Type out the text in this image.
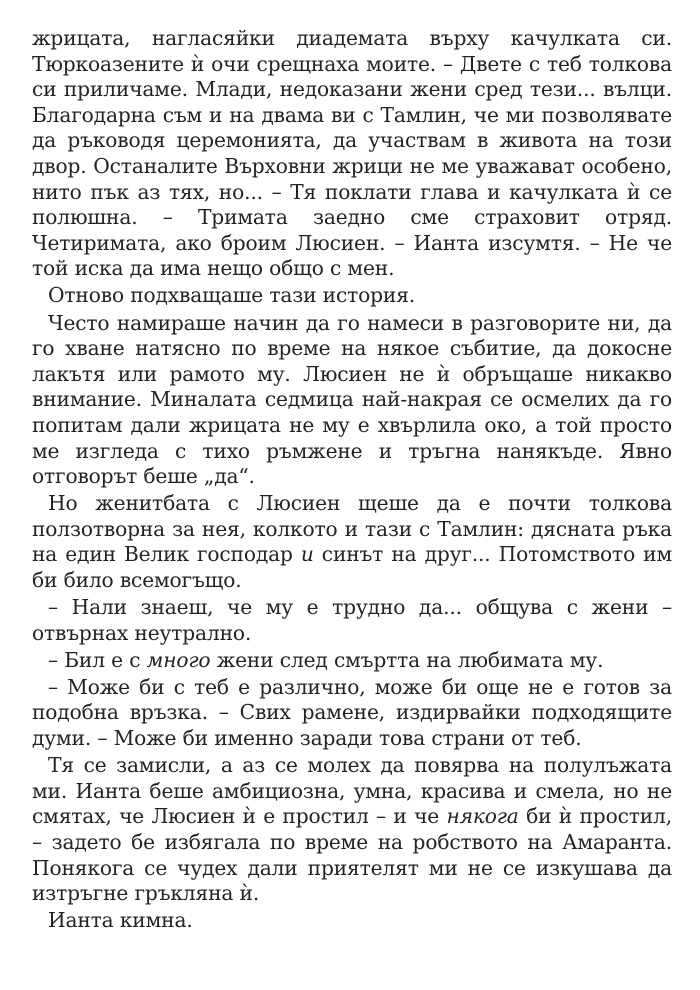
жрицата, нагласяйки диадемата върху качулката си. Тюркоазените ѝ очи срещнаха моите. – Двете с теб толкова си приличаме. Млади, недоказани жени сред тези... вълци. Благодарна съм и на двама ви с Тамлин, че ми позволявате да ръководя церемонията, да участвам в живота на този двор. Останалите Върховни жрици не ме уважават особено, нито пък аз тях, но... – Тя поклати глава и качулката ѝ се полюшна. – Тримата заедно сме страховит отряд. Четиримата, ако броим Люсиен. – Ианта изсумтя. – Не че той иска да има нещо общо с мен.

Отново подхващаше тази история.

Често намираше начин да го намеси в разговорите ни, да го хване натясно по време на някое събитие, да докосне лакътя или рамото му. Люсиен не ѝ обръщаше никакво внимание. Миналата седмица най-накрая се осмелих да го попитам дали жрицата не му е хвърлила око, а той просто ме изгледа с тихо ръмжене и тръгна нанякъде. Явно отговорът беше „да“.

Но женитбата с Люсиен щеше да е почти толкова ползотворна за нея, колкото и тази с Тамлин: дясната ръка на един Велик господар и синът на друг... Потомството им би било всемогъщо.

– Нали знаеш, че му е трудно да... общува с жени – отвърнах неутрално.

– Бил е с много жени след смъртта на любимата му.

– Може би с теб е различно, може би още не е готов за подобна връзка. – Свих рамене, издирвайки подходящите думи. – Може би именно заради това страни от теб.

Тя се замисли, а аз се молех да повярва на полулъжата ми. Ианта беше амбициозна, умна, красива и смела, но не смятах, че Люсиен ѝ е простил – и че някога би ѝ простил, – задето бе избягала по време на робството на Амаранта. Понякога се чудех дали приятелят ми не се изкушава да изтръгне гръкляна ѝ.

Ианта кимна.
